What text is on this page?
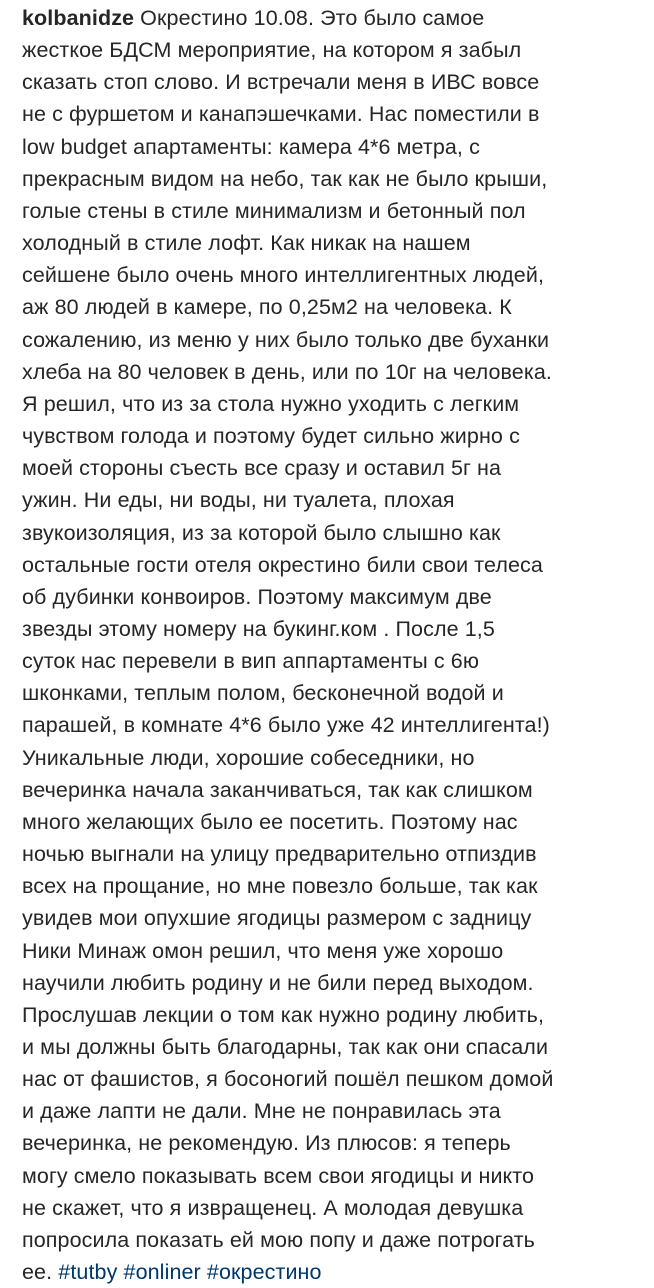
kolbanidze Окрестино 10.08. Это было самое
жесткое БДСМ мероприятие, на котором я забыл
сказать стоп слово. И встречали меня в ИВС вовсе
не с фуршетом и канапэшечками. Нас поместили в
low budget апартаменты: камера 4*6 метра, с
прекрасным видом на небо, так как не было крыши,
голые стены в стиле минимализм и бетонный пол
холодный в стиле лофт. Как никак на нашем
сейшене было очень много интеллигентных людей,
аж 80 людей в камере, по 0,25м2 на человека. К
сожалению, из меню у них было только две буханки
хлеба на 80 человек в день, или по 10г на человека.
Я решил, что из за стола нужно уходить с легким
чувством голода и поэтому будет сильно жирно с
моей стороны съесть все сразу и оставил 5г на
ужин. Ни еды, ни воды, ни туалета, плохая
звукоизоляция, из за которой было слышно как
остальные гости отеля окрестино били свои телеса
об дубинки конвоиров. Поэтому максимум две
звезды этому номеру на букинг.ком . После 1,5
суток нас перевели в вип аппартаменты с 6ю
шконками, теплым полом, бесконечной водой и
парашей, в комнате 4*6 было уже 42 интеллигента!)
Уникальные люди, хорошие собеседники, но
вечеринка начала заканчиваться, так как слишком
много желающих было ее посетить. Поэтому нас
ночью выгнали на улицу предварительно отпиздив
всех на прощание, но мне повезло больше, так как
увидев мои опухшие ягодицы размером с задницу
Ники Минаж омон решил, что меня уже хорошо
научили любить родину и не били перед выходом.
Прослушав лекции о том как нужно родину любить,
и мы должны быть благодарны, так как они спасали
нас от фашистов, я босоногий пошёл пешком домой
и даже лапти не дали. Мне не понравилась эта
вечеринка, не рекомендую. Из плюсов: я теперь
могу смело показывать всем свои ягодицы и никто
не скажет, что я извращенец. А молодая девушка
попросила показать ей мою попу и даже потрогать
ее. #tutby #onliner #окрестино
